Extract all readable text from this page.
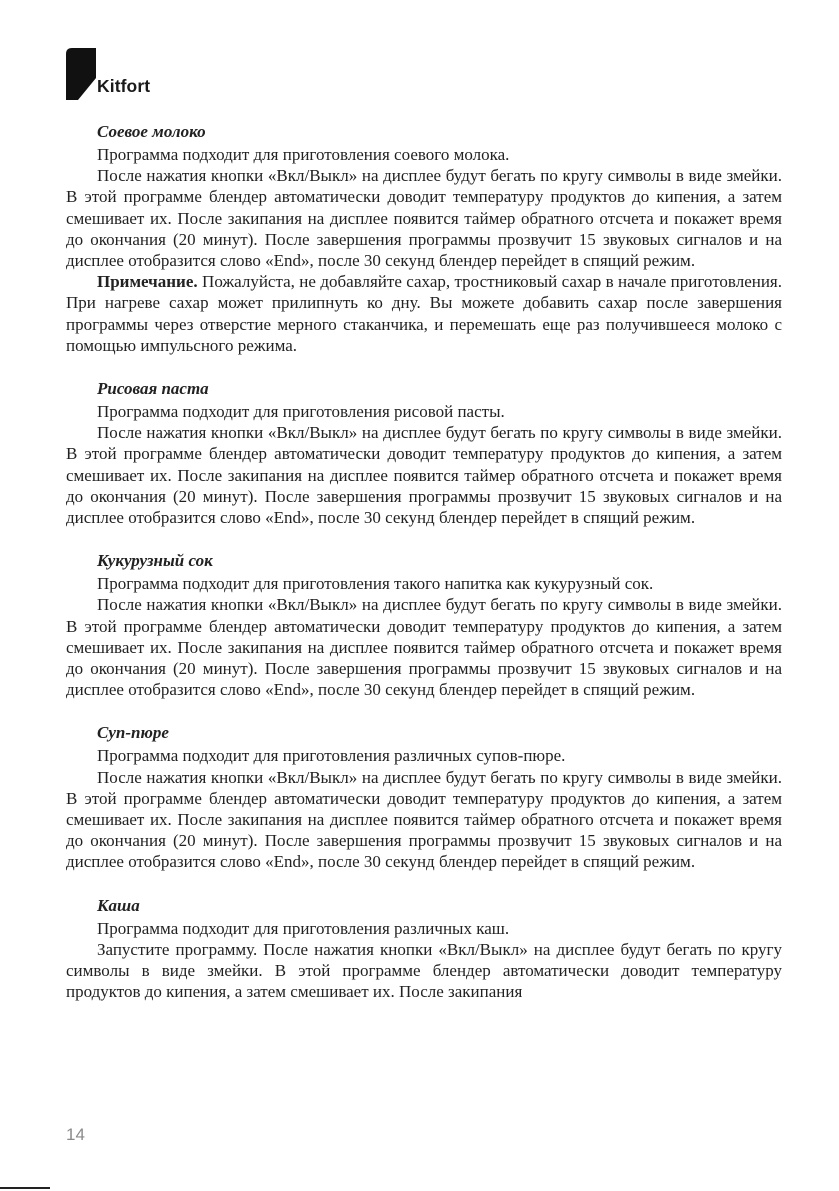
Kitfort
Соевое молоко

Программа подходит для приготовления соевого молока.

После нажатия кнопки «Вкл/Выкл» на дисплее будут бегать по кругу символы в виде змейки. В этой программе блендер автоматически доводит температуру продуктов до кипения, а затем смешивает их. После закипания на дисплее появится таймер обратного отсчета и покажет время до окончания (20 минут). После завершения программы прозвучит 15 звуковых сигналов и на дисплее отобразится слово «End», после 30 секунд блендер перейдет в спящий режим.

Примечание. Пожалуйста, не добавляйте сахар, тростниковый сахар в начале приготовления. При нагреве сахар может прилипнуть ко дну. Вы можете добавить сахар после завершения программы через отверстие мерного стаканчика, и перемешать еще раз получившееся молоко с помощью импульсного режима.

Рисовая паста

Программа подходит для приготовления рисовой пасты.

После нажатия кнопки «Вкл/Выкл» на дисплее будут бегать по кругу символы в виде змейки. В этой программе блендер автоматически доводит температуру продуктов до кипения, а затем смешивает их. После закипания на дисплее появится таймер обратного отсчета и покажет время до окончания (20 минут). После завершения программы прозвучит 15 звуковых сигналов и на дисплее отобразится слово «End», после 30 секунд блендер перейдет в спящий режим.

Кукурузный сок

Программа подходит для приготовления такого напитка как кукурузный сок.

После нажатия кнопки «Вкл/Выкл» на дисплее будут бегать по кругу символы в виде змейки. В этой программе блендер автоматически доводит температуру продуктов до кипения, а затем смешивает их. После закипания на дисплее появится таймер обратного отсчета и покажет время до окончания (20 минут). После завершения программы прозвучит 15 звуковых сигналов и на дисплее отобразится слово «End», после 30 секунд блендер перейдет в спящий режим.

Суп-пюре

Программа подходит для приготовления различных супов-пюре.

После нажатия кнопки «Вкл/Выкл» на дисплее будут бегать по кругу символы в виде змейки. В этой программе блендер автоматически доводит температуру продуктов до кипения, а затем смешивает их. После закипания на дисплее появится таймер обратного отсчета и покажет время до окончания (20 минут). После завершения программы прозвучит 15 звуковых сигналов и на дисплее отобразится слово «End», после 30 секунд блендер перейдет в спящий режим.

Каша

Программа подходит для приготовления различных каш.

Запустите программу. После нажатия кнопки «Вкл/Выкл» на дисплее будут бегать по кругу символы в виде змейки. В этой программе блендер автоматически доводит температуру продуктов до кипения, а затем смешивает их. После закипания

14
